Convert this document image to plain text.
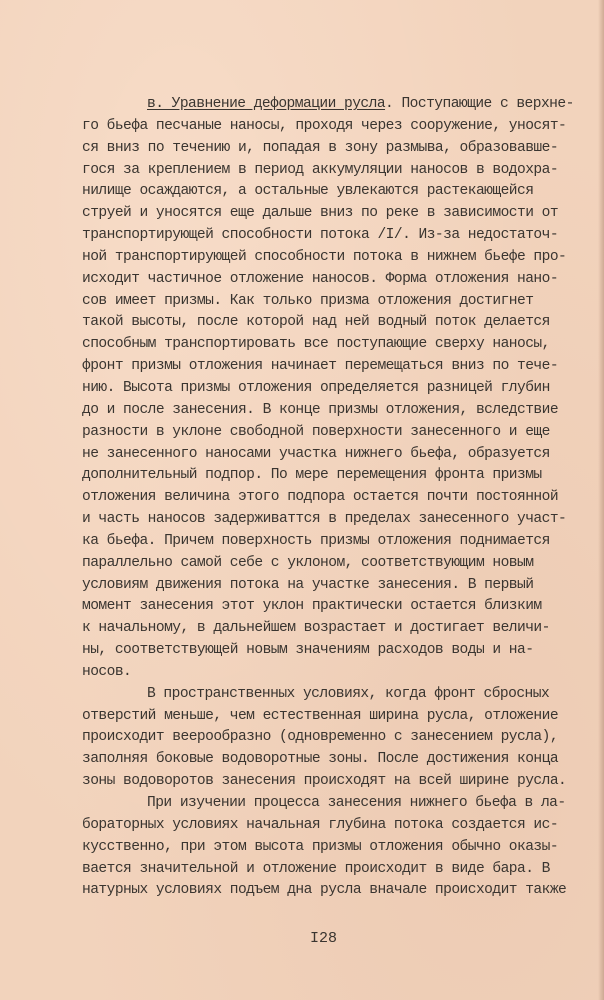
в. Уравнение деформации русла. Поступающие с верхне-
го бьефа песчаные наносы, проходя через сооружение, уносят-
ся вниз по течению и, попадая в зону размыва, образовавше-
гося за креплением в период аккумуляции наносов в водохра-
нилище осаждаются, а остальные увлекаются растекающейся
струей и уносятся еще дальше вниз по реке в зависимости от
транспортирующей способности потока /I/. Из-за недостаточ-
ной транспортирующей способности потока в нижнем бьефе про-
исходит частичное отложение наносов. Форма отложения нано-
сов имеет призмы. Как только призма отложения достигнет
такой высоты, после которой над ней водный поток делается
способным транспортировать все поступающие сверху наносы,
фронт призмы отложения начинает перемещаться вниз по тече-
нию. Высота призмы отложения определяется разницей глубин
до и после занесения. В конце призмы отложения, вследствие
разности в уклоне свободной поверхности занесенного и еще
не занесенного наносами участка нижнего бьефа, образуется
дополнительный подпор. По мере перемещения фронта призмы
отложения величина этого подпора остается почти постоянной
и часть наносов задерживаттся в пределах занесенного участ-
ка бьефа. Причем поверхность призмы отложения поднимается
параллельно самой себе с уклоном, соответствующим новым
условиям движения потока на участке занесения. В первый
момент занесения этот уклон практически остается близким
к начальному, в дальнейшем возрастает и достигает величи-
ны, соответствующей новым значениям расходов воды и на-
носов.
В пространственных условиях, когда фронт сбросных
отверстий меньше, чем естественная ширина русла, отложение
происходит веерообразно (одновременно с занесением русла),
заполняя боковые водоворотные зоны. После достижения конца
зоны водоворотов занесения происходят на всей ширине русла.
При изучении процесса занесения нижнего бьефа в ла-
бораторных условиях начальная глубина потока создается ис-
кусственно, при этом высота призмы отложения обычно оказы-
вается значительной и отложение происходит в виде бара. В
натурных условиях подъем дна русла вначале происходит также
I28
